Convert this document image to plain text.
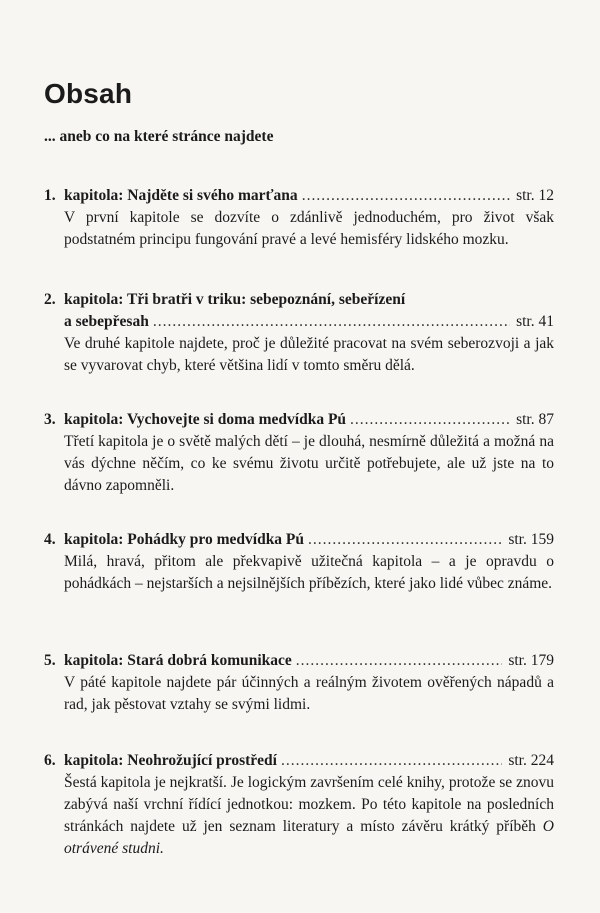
Obsah

... aneb co na které stránce najdete

1. kapitola: Najděte si svého marťana .....	str. 12

V první kapitole se dozvíte o zdánlivě jednoduchém, pro život však podstatném principu fungování pravé a levé hemisféry lidského mozku.

2. kapitola: Tři bratři v triku: sebepoznání, sebeřízení
a sebepřesah .....	str. 41

Ve druhé kapitole najdete, proč je důležité pracovat na svém seberozvoji a jak se vyvarovat chyb, které většina lidí v tomto směru dělá.

3. kapitola: Vychovejte si doma medvídka Pú .....	str. 87

Třetí kapitola je o světě malých dětí – je dlouhá, nesmírně důležitá a možná na vás dýchne něčím, co ke svému životu určitě potřebujete, ale už jste na to dávno zapomněli.

4. kapitola: Pohádky pro medvídka Pú .....	str. 159

Milá, hravá, přitom ale překvapivě užitečná kapitola – a je opravdu o pohádkách – nejstarších a nejsilnějších příbězích, které jako lidé vůbec známe.

5. kapitola: Stará dobrá komunikace .....	str. 179

V páté kapitole najdete pár účinných a reálným životem ověřených nápadů a rad, jak pěstovat vztahy se svými lidmi.

6. kapitola: Neohrožující prostředí .....	str. 224

Šestá kapitola je nejkratší. Je logickým završením celé knihy, protože se znovu zabývá naší vrchní řídící jednotkou: mozkem. Po této kapitole na posledních stránkách najdete už jen seznam literatury a místo závěru krátký příběh O otrávené studni.
